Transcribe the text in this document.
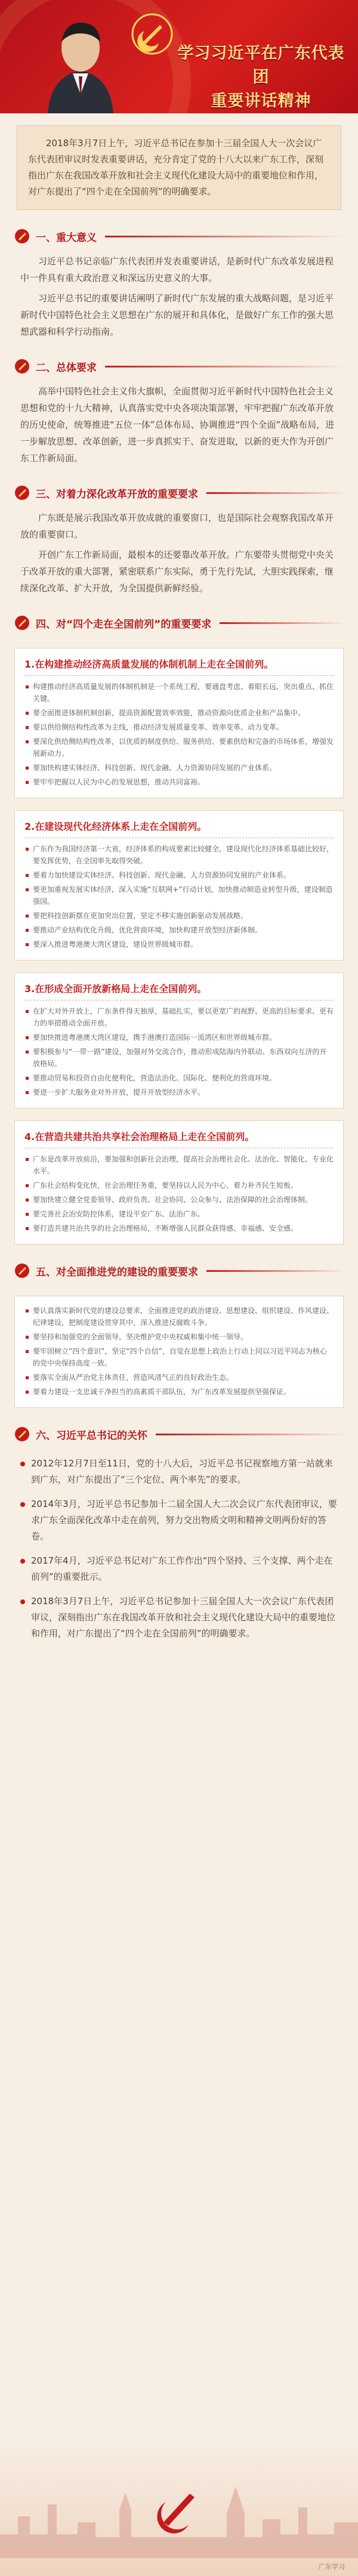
学习习近平在广东代表团
重要讲话精神
2018年3月7日上午，习近平总书记在参加十三届全国人大一次会议广东代表团审议时发表重要讲话，充分肯定了党的十八大以来广东工作，深刻指出广东在我国改革开放和社会主义现代化建设大局中的重要地位和作用，对广东提出了“四个走在全国前列”的明确要求。
一、重大意义
习近平总书记亲临广东代表团并发表重要讲话，是新时代广东改革发展进程中一件具有重大政治意义和深远历史意义的大事。
习近平总书记的重要讲话阐明了新时代广东发展的重大战略问题，是习近平新时代中国特色社会主义思想在广东的展开和具体化，是做好广东工作的强大思想武器和科学行动指南。
二、总体要求
高举中国特色社会主义伟大旗帜，全面贯彻习近平新时代中国特色社会主义思想和党的十九大精神，认真落实党中央各项决策部署，牢牢把握广东改革开放的历史使命，统筹推进“五位一体”总体布局、协调推进“四个全面”战略布局，进一步解放思想、改革创新，进一步真抓实干、奋发进取，以新的更大作为开创广东工作新局面。
三、对着力深化改革开放的重要要求
广东既是展示我国改革开放成就的重要窗口，也是国际社会观察我国改革开放的重要窗口。
开创广东工作新局面，最根本的还要靠改革开放。广东要带头贯彻党中央关于改革开放的重大部署，紧密联系广东实际，勇于先行先试，大胆实践探索，继续深化改革、扩大开放，为全国提供新鲜经验。
四、对“四个走在全国前列”的重要要求
1.在构建推动经济高质量发展的体制机制上走在全国前列。
构建推动经济高质量发展的体制机制是一个系统工程，要通盘考虑、着眼长远，突出重点、抓住关键。
要全面推进体制机制创新，提高资源配置效率效能，推动资源向优质企业和产品集中。
要以供给侧结构性改革为主线，推动经济发展质量变革、效率变革、动力变革。
要深化供给侧结构性改革，以优质的制度供给、服务供给、要素供给和完备的市场体系，增强发展新动力。
要加快构建实体经济、科技创新、现代金融、人力资源协同发展的产业体系。
要牢牢把握以人民为中心的发展思想，推动共同富裕。
2.在建设现代化经济体系上走在全国前列。
广东作为我国经济第一大省，经济体系的构成要素比较健全，建设现代化经济体系基础比较好，要发挥优势，在全国率先取得突破。
要着力加快建设实体经济、科技创新、现代金融、人力资源协同发展的产业体系。
要更加重视发展实体经济，深入实施“互联网+”行动计划，加快推动制造业转型升级，建设制造强国。
要把科技创新摆在更加突出位置，坚定不移实施创新驱动发展战略。
要推动产业结构优化升级，优化营商环境，加快构建开放型经济新体制。
要深入推进粤港澳大湾区建设，建设世界级城市群。
3.在形成全面开放新格局上走在全国前列。
在扩大对外开放上，广东条件得天独厚，基础扎实，要以更宽广的视野、更高的目标要求、更有力的举措推动全面开放。
要加快推进粤港澳大湾区建设，携手港澳打造国际一流湾区和世界级城市群。
要积极参与“一带一路”建设，加强对外交流合作，推动形成陆海内外联动、东西双向互济的开放格局。
要推动贸易和投资自由化便利化，营造法治化、国际化、便利化的营商环境。
要进一步扩大服务业对外开放，提升开放型经济水平。
4.在营造共建共治共享社会治理格局上走在全国前列。
广东是改革开放前沿，要加强和创新社会治理，提高社会治理社会化、法治化、智能化、专业化水平。
广东社会结构变化快，社会治理任务重，要坚持以人民为中心，着力补齐民生短板。
要加快建立健全党委领导、政府负责、社会协同、公众参与、法治保障的社会治理体制。
要完善社会治安防控体系，建设平安广东、法治广东。
要打造共建共治共享的社会治理格局，不断增强人民群众获得感、幸福感、安全感。
五、对全面推进党的建设的重要要求
要认真落实新时代党的建设总要求，全面推进党的政治建设、思想建设、组织建设、作风建设、纪律建设，把制度建设贯穿其中，深入推进反腐败斗争。
要坚持和加强党的全面领导，坚决维护党中央权威和集中统一领导。
要牢固树立“四个意识”，坚定“四个自信”，自觉在思想上政治上行动上同以习近平同志为核心的党中央保持高度一致。
要落实全面从严治党主体责任，营造风清气正的良好政治生态。
要着力建设一支忠诚干净担当的高素质干部队伍，为广东改革发展提供坚强保证。
六、习近平总书记的关怀
2012年12月7日至11日，党的十八大后，习近平总书记视察地方第一站就来到广东，对广东提出了“三个定位、两个率先”的要求。
2014年3月，习近平总书记参加十二届全国人大二次会议广东代表团审议，要求广东全面深化改革中走在前列，努力交出物质文明和精神文明两份好的答卷。
2017年4月，习近平总书记对广东工作作出“四个坚持、三个支撑、两个走在前列”的重要批示。
2018年3月7日上午，习近平总书记参加十三届全国人大一次会议广东代表团审议，深刻指出广东在我国改革开放和社会主义现代化建设大局中的重要地位和作用，对广东提出了“四个走在全国前列”的明确要求。
广东学习
